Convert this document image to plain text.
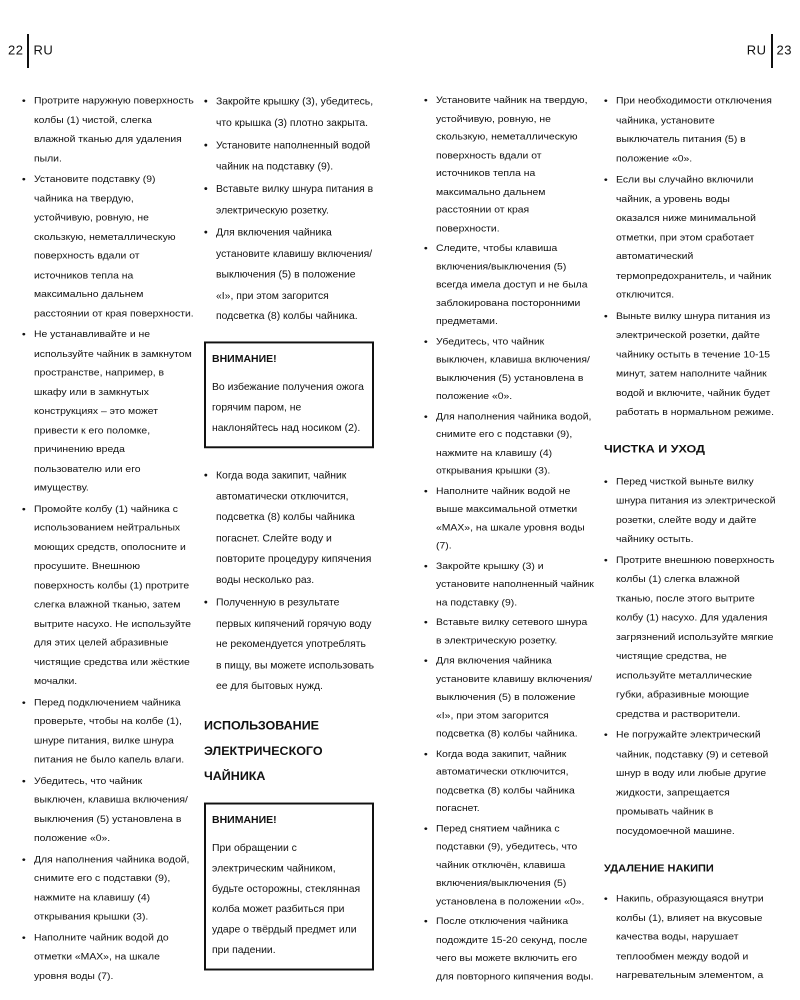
22 RU	RU 23
• Протрите наружную поверхность колбы (1) чистой, слегка влажной тканью для удаления пыли.
• Установите подставку (9) чайника на твердую, устойчивую, ровную, не скользкую, неметаллическую поверхность вдали от источников тепла на максимально дальнем расстоянии от края поверхности.
• Не устанавливайте и не используйте чайник в замкнутом пространстве, например, в шкафу или в замкнутых конструкциях – это может привести к его поломке, причинению вреда пользователю или его имуществу.
• Промойте колбу (1) чайника с использованием нейтральных моющих средств, ополосните и просушите. Внешнюю поверхность колбы (1) протрите слегка влажной тканью, затем вытрите насухо. Не используйте для этих целей абразивные чистящие средства или жёсткие мочалки.
• Перед подключением чайника проверьте, чтобы на колбе (1), шнуре питания, вилке шнура питания не было капель влаги.
• Убедитесь, что чайник выключен, клавиша включения/выключения (5) установлена в положение «0».
• Для наполнения чайника водой, снимите его с подставки (9), нажмите на клавишу (4) открывания крышки (3).
• Наполните чайник водой до отметки «MAX», на шкале уровня воды (7).
• Закройте крышку (3), убедитесь, что крышка (3) плотно закрыта.
• Установите наполненный водой чайник на подставку (9).
• Вставьте вилку шнура питания в электрическую розетку.
• Для включения чайника установите клавишу включения/выключения (5) в положение «I», при этом загорится подсветка (8) колбы чайника.
ВНИМАНИЕ!
Во избежание получения ожога горячим паром, не наклоняйтесь над носиком (2).
• Когда вода закипит, чайник автоматически отключится, подсветка (8) колбы чайника погаснет. Слейте воду и повторите процедуру кипячения воды несколько раз.
• Полученную в результате первых кипячений горячую воду не рекомендуется употреблять в пищу, вы можете использовать ее для бытовых нужд.
ИСПОЛЬЗОВАНИЕ ЭЛЕКТРИЧЕСКОГО ЧАЙНИКА
ВНИМАНИЕ!
При обращении с электрическим чайником, будьте осторожны, стеклянная колба может разбиться при ударе о твёрдый предмет или при падении.
• Установите чайник на твердую, устойчивую, ровную, не скользкую, неметаллическую поверхность вдали от источников тепла на максимально дальнем расстоянии от края поверхности.
• Следите, чтобы клавиша включения/выключения (5) всегда имела доступ и не была заблокирована посторонними предметами.
• Убедитесь, что чайник выключен, клавиша включения/выключения (5) установлена в положение «0».
• Для наполнения чайника водой, снимите его с подставки (9), нажмите на клавишу (4) открывания крышки (3).
• Наполните чайник водой не выше максимальной отметки «MAX», на шкале уровня воды (7).
• Закройте крышку (3) и установите наполненный чайник на подставку (9).
• Вставьте вилку сетевого шнура в электрическую розетку.
• Для включения чайника установите клавишу включения/выключения (5) в положение «I», при этом загорится подсветка (8) колбы чайника.
• Когда вода закипит, чайник автоматически отключится, подсветка (8) колбы чайника погаснет.
• Перед снятием чайника с подставки (9), убедитесь, что чайник отключён, клавиша включения/выключения (5) установлена в положении «0».
• После отключения чайника подождите 15-20 секунд, после чего вы можете включить его для повторного кипячения воды.
• При необходимости отключения чайника, установите выключатель питания (5) в положение «0».
• Если вы случайно включили чайник, а уровень воды оказался ниже минимальной отметки, при этом сработает автоматический термопредохранитель, и чайник отключится.
• Выньте вилку шнура питания из электрической розетки, дайте чайнику остыть в течение 10-15 минут, затем наполните чайник водой и включите, чайник будет работать в нормальном режиме.
ЧИСТКА И УХОД
• Перед чисткой выньте вилку шнура питания из электрической розетки, слейте воду и дайте чайнику остыть.
• Протрите внешнюю поверхность колбы (1) слегка влажной тканью, после этого вытрите колбу (1) насухо. Для удаления загрязнений используйте мягкие чистящие средства, не используйте металлические губки, абразивные моющие средства и растворители.
• Не погружайте электрический чайник, подставку (9) и сетевой шнур в воду или любые другие жидкости, запрещается промывать чайник в посудомоечной машине.
УДАЛЕНИЕ НАКИПИ
• Накипь, образующаяся внутри колбы (1), влияет на вкусовые качества воды, нарушает теплообмен между водой и нагревательным элементом, а
